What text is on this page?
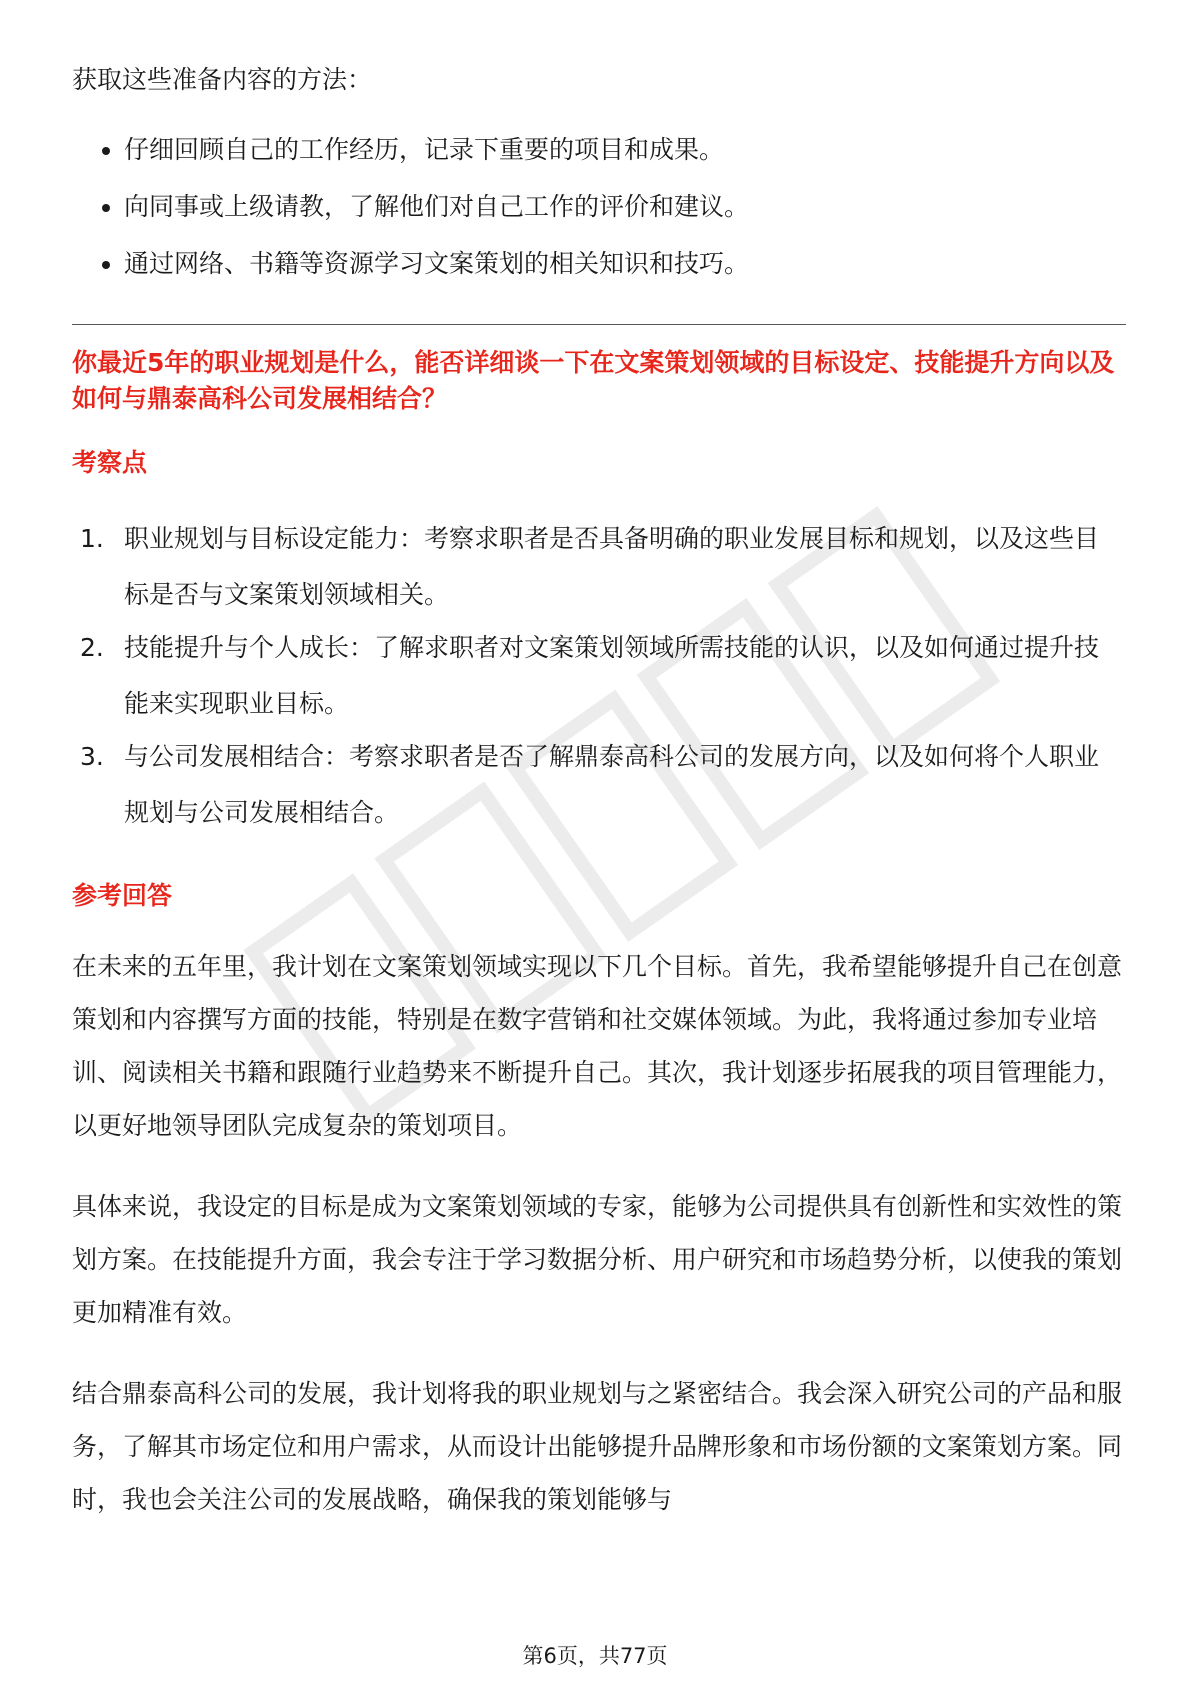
获取这些准备内容的方法：

仔细回顾自己的工作经历，记录下重要的项目和成果。
向同事或上级请教，了解他们对自己工作的评价和建议。
通过网络、书籍等资源学习文案策划的相关知识和技巧。

你最近5年的职业规划是什么，能否详细谈一下在文案策划领域的目标设定、技能提升方向以及如何与鼎泰高科公司发展相结合？

考察点

1. 职业规划与目标设定能力：考察求职者是否具备明确的职业发展目标和规划，以及这些目标是否与文案策划领域相关。
2. 技能提升与个人成长：了解求职者对文案策划领域所需技能的认识，以及如何通过提升技能来实现职业目标。
3. 与公司发展相结合：考察求职者是否了解鼎泰高科公司的发展方向，以及如何将个人职业规划与公司发展相结合。

参考回答

在未来的五年里，我计划在文案策划领域实现以下几个目标。首先，我希望能够提升自己在创意策划和内容撰写方面的技能，特别是在数字营销和社交媒体领域。为此，我将通过参加专业培训、阅读相关书籍和跟随行业趋势来不断提升自己。其次，我计划逐步拓展我的项目管理能力，以更好地领导团队完成复杂的策划项目。

具体来说，我设定的目标是成为文案策划领域的专家，能够为公司提供具有创新性和实效性的策划方案。在技能提升方面，我会专注于学习数据分析、用户研究和市场趋势分析，以使我的策划更加精准有效。

结合鼎泰高科公司的发展，我计划将我的职业规划与之紧密结合。我会深入研究公司的产品和服务，了解其市场定位和用户需求，从而设计出能够提升品牌形象和市场份额的文案策划方案。同时，我也会关注公司的发展战略，确保我的策划能够与

第6页，共77页
